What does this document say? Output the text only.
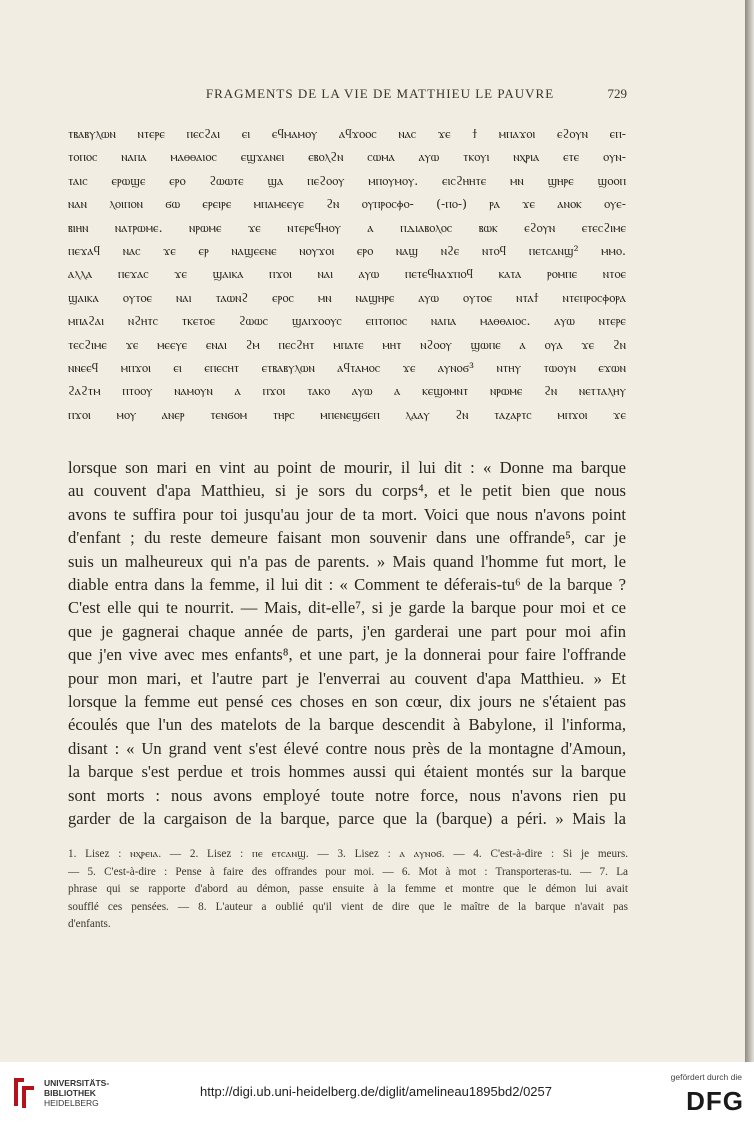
FRAGMENTS DE LA VIE DE MATTHIEU LE PAUVRE	729
ⲧⲃⲁⲃⲩⲗⲱⲛ ⲛⲧⲉⲣⲉ ⲡⲉⲥϩⲁⲓ ⲉⲓ ⲉϥⲙⲁⲙⲟⲩ ⲁϥϫⲟⲟⲥ ⲛⲁⲥ ϫⲉ ϯ ⲙⲡⲁϫⲟⲓ ⲉϩⲟⲩⲛ ⲉⲡ-
ⲧⲟⲡⲟⲥ ⲛⲁⲡⲁ ⲙⲁⲑⲑⲁⲓⲟⲥ ⲉϣϫⲁⲛⲉⲓ ⲉⲃⲟⲗϩⲛ ⲥⲱⲙⲁ ⲁⲩⲱ ⲧⲕⲟⲩⲓ ⲛⲭⲣⲓⲁ ⲉⲧⲉ ⲟⲩⲛ-
ⲧⲁⲓⲥ ⲉⲣⲱϣⲉ ⲉⲣⲟ ϩⲱⲱⲧⲉ ϣⲁ ⲡⲉϩⲟⲟⲩ ⲙⲡⲟⲩⲙⲟⲩ. ⲉⲓⲥϩⲏⲏⲧⲉ ⲙⲛ ϣⲏⲣⲉ ϣⲟⲟⲡ
ⲛⲁⲛ ⲗⲟⲓⲡⲟⲛ ϭⲱ ⲉⲣⲉⲓⲣⲉ ⲙⲡⲁⲙⲉⲉⲩⲉ ϩⲛ ⲟⲩⲡⲣⲟⲥⲫⲟ- (-ⲡⲟ-) ⲣⲁ ϫⲉ ⲁⲛⲟⲕ ⲟⲩⲉ-
ⲃⲓⲏⲛ ⲛⲁⲧⲣⲱⲙⲉ. ⲛⲣⲱⲙⲉ ϫⲉ ⲛⲧⲉⲣⲉϥⲙⲟⲩ ⲁ ⲡⲇⲓⲁⲃⲟⲗⲟⲥ ⲃⲱⲕ ⲉϩⲟⲩⲛ ⲉⲧⲉⲥϩⲓⲙⲉ
ⲡⲉϫⲁϥ ⲛⲁⲥ ϫⲉ ⲉⲣ ⲛⲁϣⲉⲉⲛⲉ ⲛⲟⲩϫⲟⲓ ⲉⲣⲟ ⲛⲁϣ ⲛϩⲉ ⲛⲧⲟϥ ⲡⲉⲧⲥⲁⲛϣ² ⲙⲙⲟ.
ⲁⲗⲗⲁ ⲡⲉϫⲁⲥ ϫⲉ ϣⲁⲓⲕⲁ ⲡϫⲟⲓ ⲛⲁⲓ ⲁⲩⲱ ⲡⲉⲧⲉϥⲛⲁϫⲡⲟϥ ⲕⲁⲧⲁ ⲣⲟⲙⲡⲉ ⲛⲧⲟⲉ
ϣⲁⲓⲕⲁ ⲟⲩⲧⲟⲉ ⲛⲁⲓ ⲧⲁⲱⲛϩ ⲉⲣⲟⲥ ⲙⲛ ⲛⲁϣⲏⲣⲉ ⲁⲩⲱ ⲟⲩⲧⲟⲉ ⲛⲧⲁϯ ⲛⲧⲉⲡⲣⲟⲥⲫⲟⲣⲁ
ⲙⲡⲁϩⲁⲓ ⲛϩⲏⲧⲥ ⲧⲕⲉⲧⲟⲉ ϩⲱⲱⲥ ϣⲁⲓϫⲟⲟⲩⲥ ⲉⲡⲧⲟⲡⲟⲥ ⲛⲁⲡⲁ ⲙⲁⲑⲑⲁⲓⲟⲥ. ⲁⲩⲱ ⲛⲧⲉⲣⲉ
ⲧⲉⲥϩⲓⲙⲉ ϫⲉ ⲙⲉⲉⲩⲉ ⲉⲛⲁⲓ ϩⲙ ⲡⲉⲥϩⲏⲧ ⲙⲡⲁⲧⲉ ⲙⲏⲧ ⲛϩⲟⲟⲩ ϣⲱⲡⲉ ⲁ ⲟⲩⲁ ϫⲉ ϩⲛ
ⲛⲛⲉⲉϥ ⲙⲡϫⲟⲓ ⲉⲓ ⲉⲡⲉⲥⲏⲧ ⲉⲧⲃⲁⲃⲩⲗⲱⲛ ⲁϥⲧⲁⲙⲟⲥ ϫⲉ ⲁⲩⲛⲟϭ³ ⲛⲧⲏⲩ ⲧⲱⲟⲩⲛ ⲉϫⲱⲛ
ϩⲁϩⲧⲙ ⲡⲧⲟⲟⲩ ⲛⲁⲙⲟⲩⲛ ⲁ ⲡϫⲟⲓ ⲧⲁⲕⲟ ⲁⲩⲱ ⲁ ⲕⲉϣⲟⲙⲛⲧ ⲛⲣⲱⲙⲉ ϩⲛ ⲛⲉⲧⲧⲁⲗⲏⲩ
ⲡϫⲟⲓ ⲙⲟⲩ ⲁⲛⲉⲣ ⲧⲉⲛϭⲟⲙ ⲧⲏⲣⲥ ⲙⲡⲉⲛⲉϣϭⲉⲡ ⲗⲁⲁⲩ ϩⲛ ⲧⲁⲍⲁⲣⲧⲥ ⲙⲡϫⲟⲓ ϫⲉ
lorsque son mari en vint au point de mourir, il lui dit : « Donne ma barque
au couvent d'apa Matthieu, si je sors du corps⁴, et le petit bien que nous
avons te suffira pour toi jusqu'au jour de ta mort. Voici que nous n'avons point
d'enfant ; du reste demeure faisant mon souvenir dans une offrande⁵, car je
suis un malheureux qui n'a pas de parents. » Mais quand l'homme fut mort, le
diable entra dans la femme, il lui dit : « Comment te déferais-tu⁶ de la barque ?
C'est elle qui te nourrit. — Mais, dit-elle⁷, si je garde la barque pour moi et ce
que je gagnerai chaque année de parts, j'en garderai une part pour moi afin
que j'en vive avec mes enfants⁸, et une part, je la donnerai pour faire l'offrande
pour mon mari, et l'autre part je l'enverrai au couvent d'apa Matthieu. » Et
lorsque la femme eut pensé ces choses en son cœur, dix jours ne s'étaient pas
écoulés que l'un des matelots de la barque descendit à Babylone, il l'informa,
disant : « Un grand vent s'est élevé contre nous près de la montagne d'Amoun,
la barque s'est perdue et trois hommes aussi qui étaient montés sur la barque
sont morts : nous avons employé toute notre force, nous n'avons rien pu
garder de la cargaison de la barque, parce que la (barque) a péri. » Mais la
1. Lisez : ⲛⲭⲣⲉⲓⲁ. — 2. Lisez : ⲡⲉ ⲉⲧⲥⲁⲛϣ. — 3. Lisez : ⲁ ⲁⲩⲛⲟϭ. — 4. C'est-à-dire : Si je meurs.
— 5. C'est-à-dire : Pense à faire des offrandes pour moi. — 6. Mot à mot : Transporteras-tu. — 7. La
phrase qui se rapporte d'abord au démon, passe ensuite à la femme et montre que le démon lui avait
soufflé ces pensées. — 8. L'auteur a oublié qu'il vient de dire que le maître de la barque n'avait pas
d'enfants.
UNIVERSITÄTS-
BIBLIOTHEK
HEIDELBERG
http://digi.ub.uni-heidelberg.de/diglit/amelineau1895bd2/0257
gefördert durch die
DFG
